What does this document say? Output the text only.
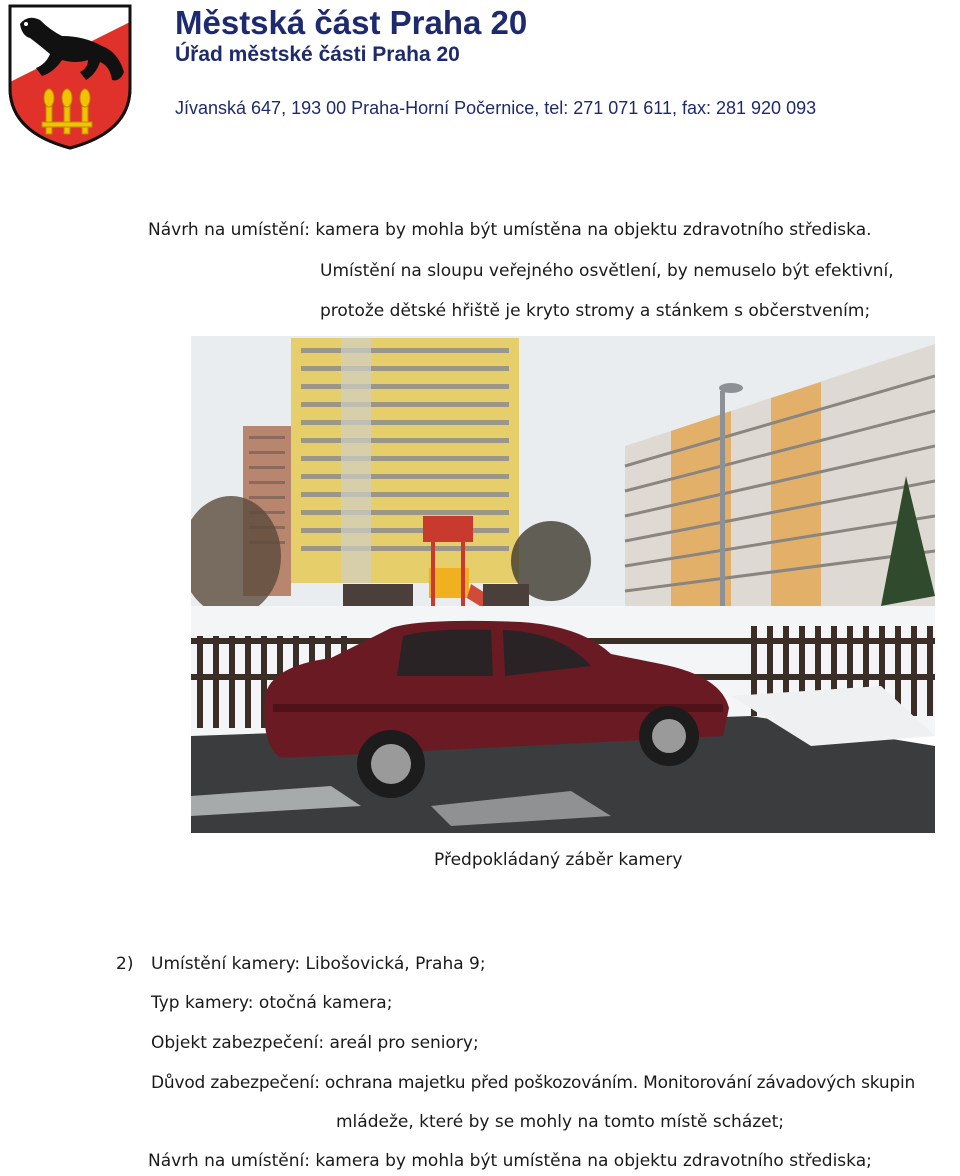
Městská část Praha 20
Úřad městské části Praha 20
Jívanská 647, 193 00 Praha-Horní Počernice, tel: 271 071 611, fax: 281 920 093
Návrh na umístění: kamera by mohla být umístěna na objektu zdravotního střediska.
Umístění na sloupu veřejného osvětlení, by nemuselo být efektivní,
protože dětské hřiště je kryto stromy a stánkem s občerstvením;
Předpokládaný záběr kamery
2) Umístění kamery: Libošovická, Praha 9;
Typ kamery: otočná kamera;
Objekt zabezpečení: areál pro seniory;
Důvod zabezpečení: ochrana majetku před poškozováním. Monitorování závadových skupin
mládeže, které by se mohly na tomto místě scházet;
Návrh na umístění: kamera by mohla být umístěna na objektu zdravotního střediska;
